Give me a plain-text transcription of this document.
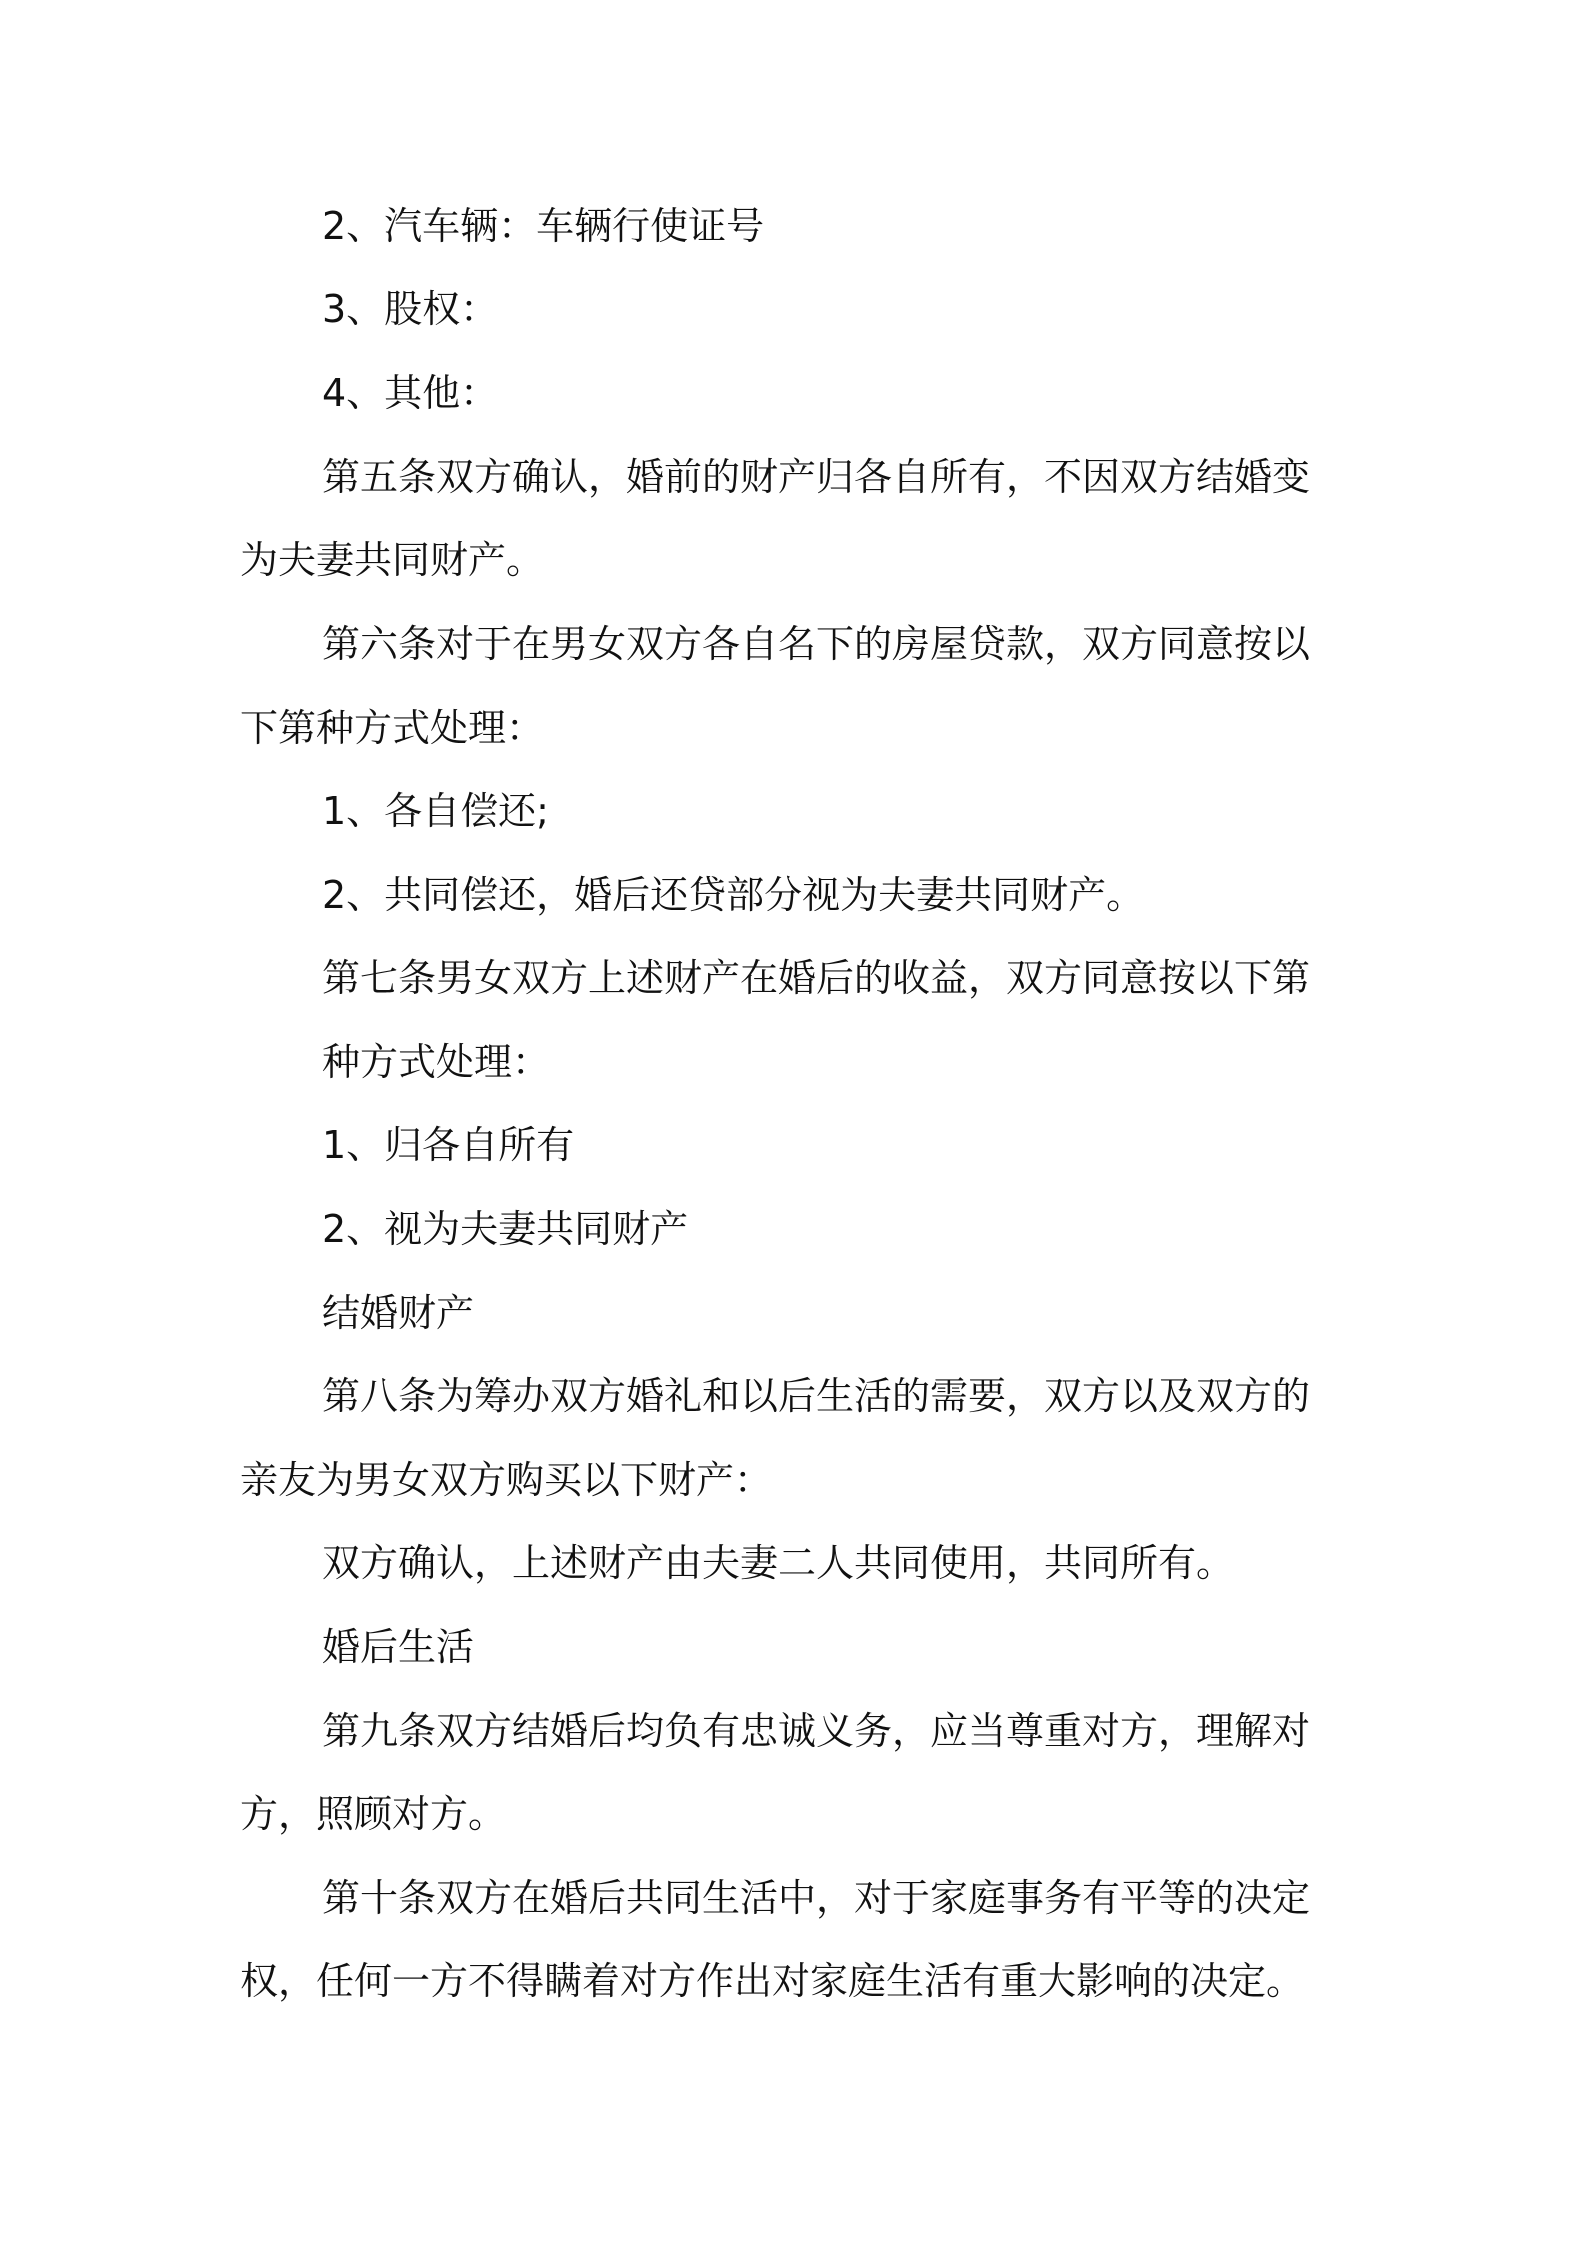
2、汽车辆：车辆行使证号

3、股权：

4、其他：

第五条双方确认，婚前的财产归各自所有，不因双方结婚变

为夫妻共同财产。

第六条对于在男女双方各自名下的房屋贷款，双方同意按以

下第种方式处理：

1、各自偿还;

2、共同偿还，婚后还贷部分视为夫妻共同财产。

第七条男女双方上述财产在婚后的收益，双方同意按以下第

种方式处理：

1、归各自所有

2、视为夫妻共同财产

结婚财产

第八条为筹办双方婚礼和以后生活的需要，双方以及双方的

亲友为男女双方购买以下财产：

双方确认，上述财产由夫妻二人共同使用，共同所有。

婚后生活

第九条双方结婚后均负有忠诚义务，应当尊重对方，理解对

方，照顾对方。

第十条双方在婚后共同生活中，对于家庭事务有平等的决定

权，任何一方不得瞒着对方作出对家庭生活有重大影响的决定。
